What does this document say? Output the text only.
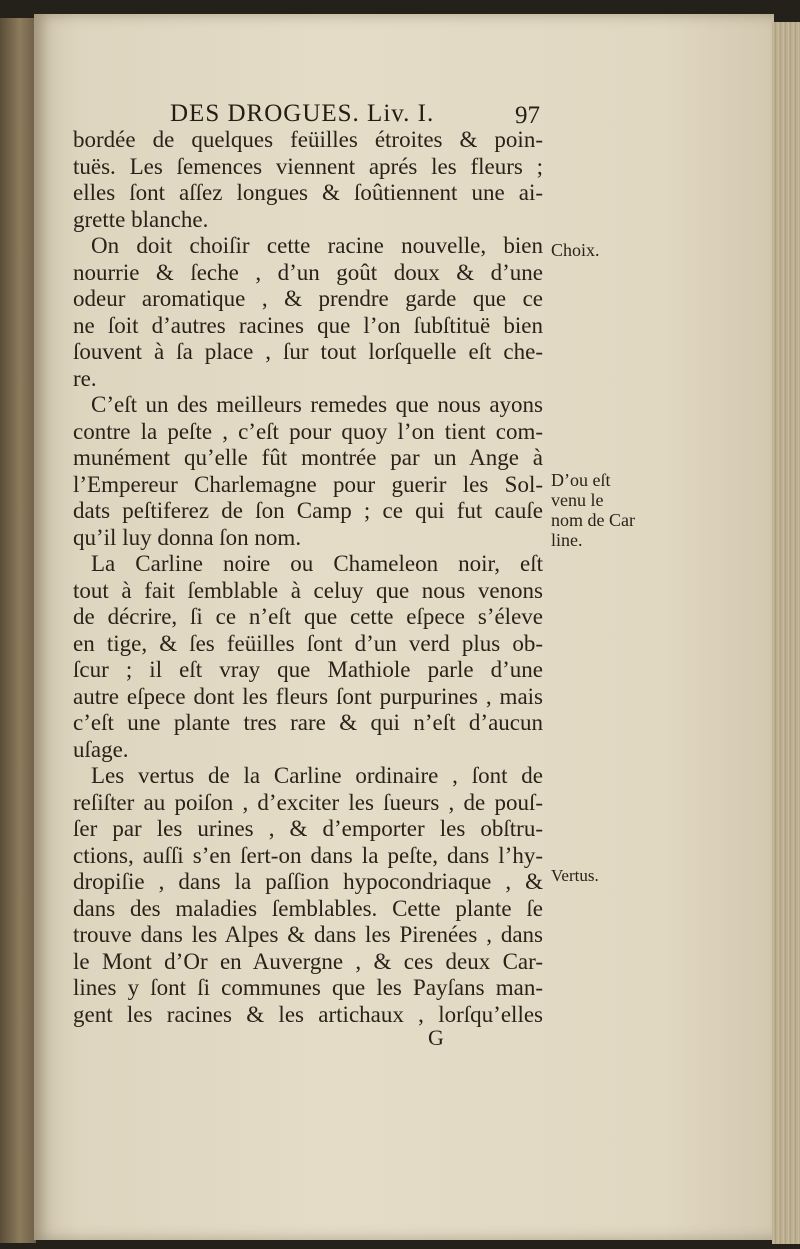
DES DROGUES. Liv. I.	97
bordée de quelques feüilles étroites & poin-
tuës. Les ſemences viennent aprés les fleurs ;
elles ſont aſſez longues & ſoûtiennent une ai-
grette blanche.
On doit choiſir cette racine nouvelle, bien
nourrie & ſeche , d’un goût doux & d’une
odeur aromatique , & prendre garde que ce
ne ſoit d’autres racines que l’on ſubſtituë bien
ſouvent à ſa place , ſur tout lorſquelle eſt che-
re.
C’eſt un des meilleurs remedes que nous ayons
contre la peſte , c’eſt pour quoy l’on tient com-
munément qu’elle fût montrée par un Ange à
l’Empereur Charlemagne pour guerir les Sol-
dats peſtiferez de ſon Camp ; ce qui fut cauſe
qu’il luy donna ſon nom.
La Carline noire ou Chameleon noir, eſt
tout à fait ſemblable à celuy que nous venons
de décrire, ſi ce n’eſt que cette eſpece s’éleve
en tige, & ſes feüilles ſont d’un verd plus ob-
ſcur ; il eſt vray que Mathiole parle d’une
autre eſpece dont les fleurs ſont purpurines , mais
c’eſt une plante tres rare & qui n’eſt d’aucun
uſage.
Les vertus de la Carline ordinaire , ſont de
reſiſter au poiſon , d’exciter les ſueurs , de pouſ-
ſer par les urines , & d’emporter les obſtru-
ctions, auſſi s’en ſert-on dans la peſte, dans l’hy-
dropiſie , dans la paſſion hypocondriaque , &
dans des maladies ſemblables. Cette plante ſe
trouve dans les Alpes & dans les Pirenées , dans
le Mont d’Or en Auvergne , & ces deux Car-
lines y ſont ſi communes que les Payſans man-
gent les racines & les artichaux , lorſqu’elles
Choix.
D’ou eſt
venu le
nom de Car
line.
Vertus.
G
